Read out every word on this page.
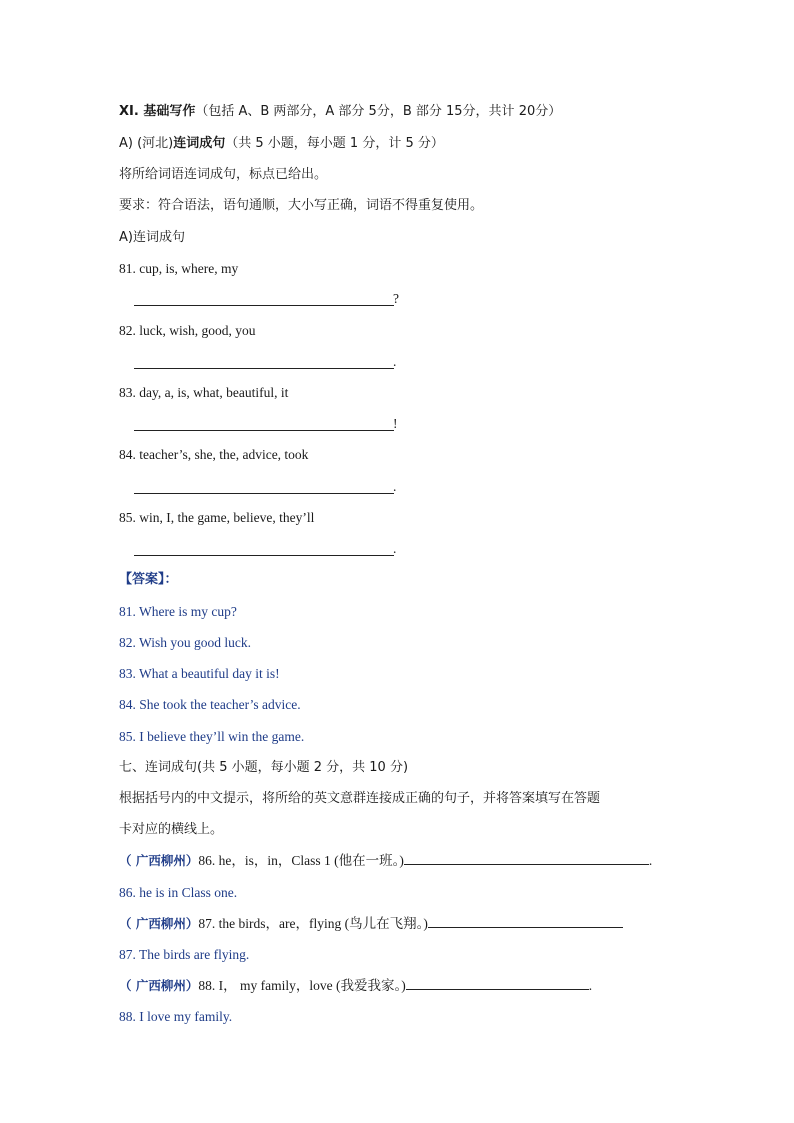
XI. 基础写作（包括 A、B 两部分，A 部分 5分，B 部分 15分，共计 20分）
A) (河北)连词成句（共 5 小题，每小题 1 分，计 5 分）
将所给词语连词成句，标点已给出。
要求：符合语法，语句通顺，大小写正确，词语不得重复使用。
A)连词成句
81. cup, is, where, my
?
82. luck, wish, good, you
.
83. day, a, is, what, beautiful, it
!
84. teacher’s, she, the, advice, took
.
85. win, I, the game, believe, they’ll
.
【答案】：
81. Where is my cup?
82. Wish you good luck.
83. What a beautiful day it is!
84. She took the teacher’s advice.
85. I believe they’ll win the game.
七、连词成句(共 5 小题，每小题 2 分，共 10 分)
根据括号内的中文提示，将所给的英文意群连接成正确的句子，并将答案填写在答题
卡对应的横线上。
（ 广西柳州）86. he，is，in，Class 1 (他在一班。)	.
86. he is in Class one.
（ 广西柳州）87. the birds，are，flying (鸟儿在飞翔。)
87. The birds are flying.
（ 广西柳州）88. I， my family，love (我爱我家。)	.
88. I love my family.
